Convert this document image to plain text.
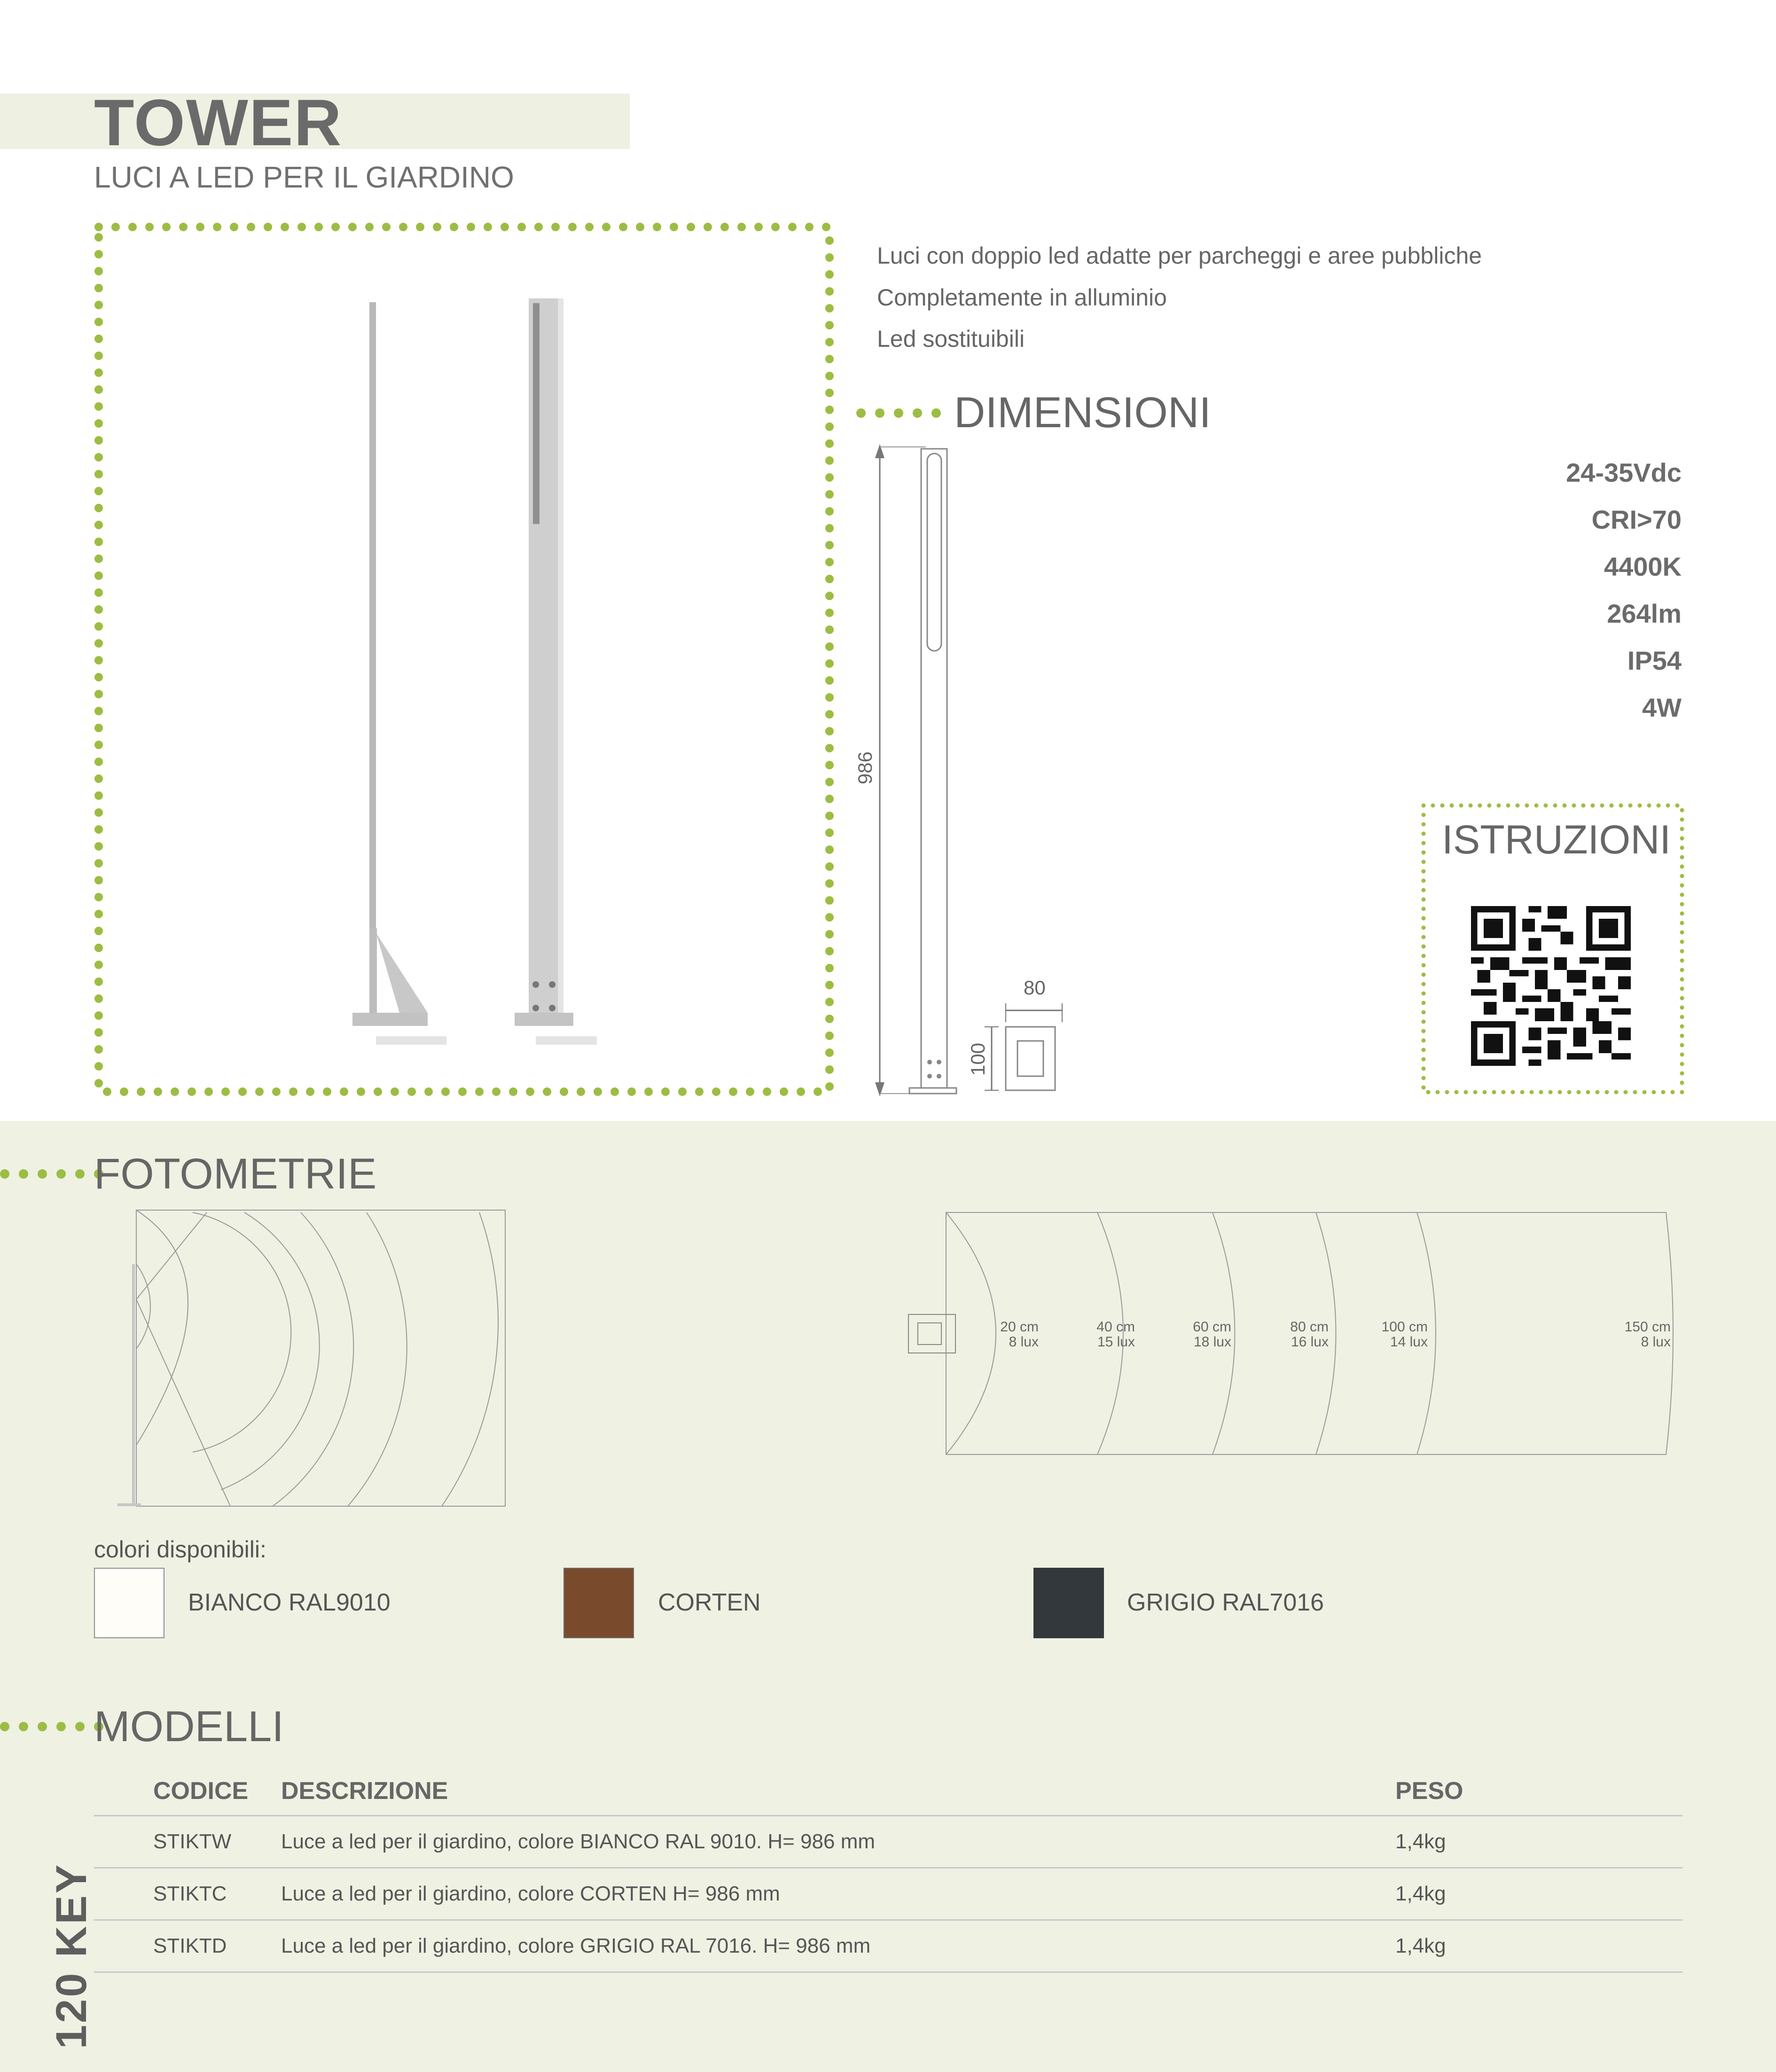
TOWER
LUCI A LED PER IL GIARDINO
Luci con doppio led adatte per parcheggi e aree pubbliche
Completamente in alluminio
Led sostituibili
DIMENSIONI
986
80
100
24-35Vdc
CRI>70
4400K
264lm
IP54
4W
ISTRUZIONI
FOTOMETRIE
20 cm
8 lux
40 cm
15 lux
60 cm
18 lux
80 cm
16 lux
100 cm
14 lux
150 cm
8 lux
colori disponibili:
BIANCO RAL9010	CORTEN	GRIGIO RAL7016
MODELLI
CODICE	DESCRIZIONE	PESO
STIKTW	Luce a led per il giardino, colore BIANCO RAL 9010. H= 986 mm	1,4kg
STIKTC	Luce a led per il giardino, colore CORTEN H= 986 mm	1,4kg
STIKTD	Luce a led per il giardino, colore GRIGIO RAL 7016. H= 986 mm	1,4kg
120 KEY
